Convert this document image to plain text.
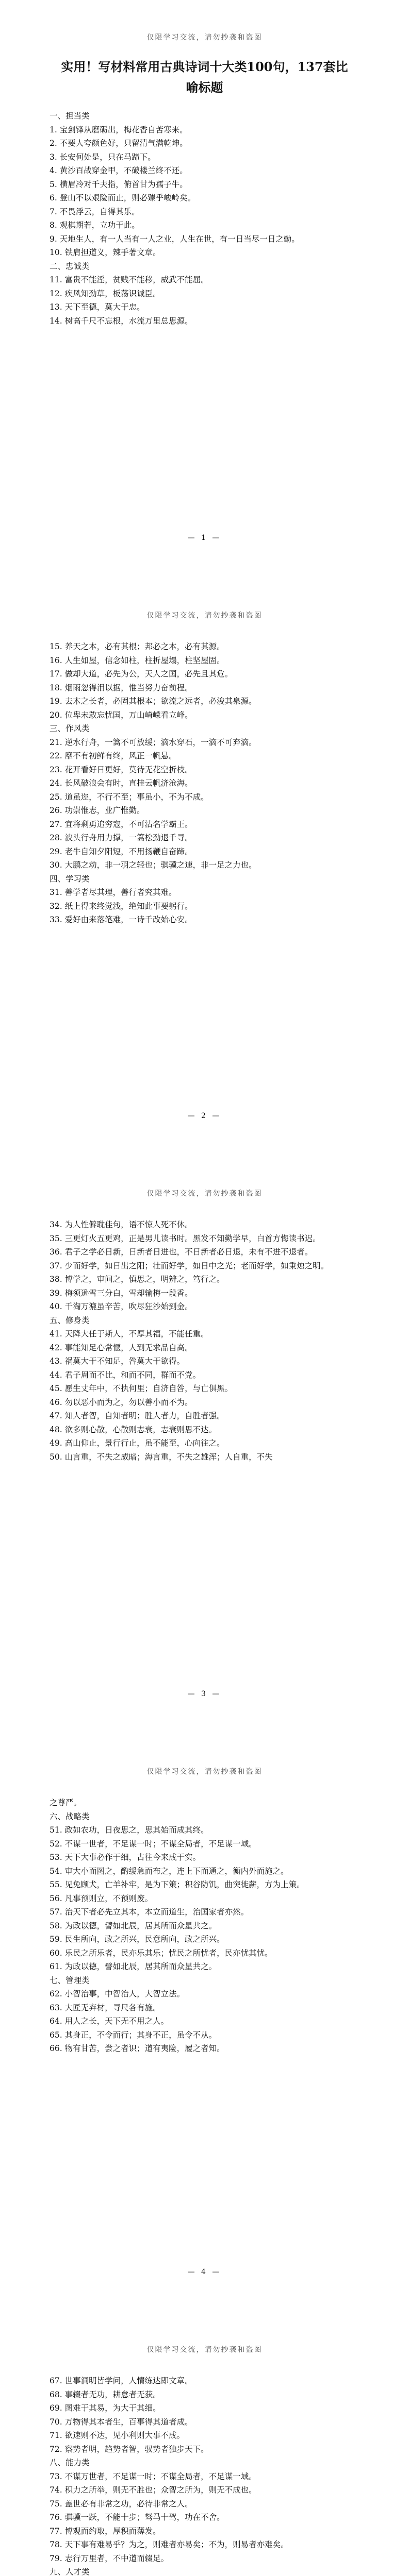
仅限学习交流，请勿抄袭和盗图
实用！写材料常用古典诗词十大类100句，137套比喻标题
一、担当类
1. 宝剑锋从磨砺出，梅花香自苦寒来。
2. 不要人夸颜色好，只留清气满乾坤。
3. 长安何处是，只在马蹄下。
4. 黄沙百战穿金甲，不破楼兰终不还。
5. 横眉冷对千夫指，俯首甘为孺子牛。
6. 登山不以艰险而止，则必臻乎峻岭矣。
7. 不畏浮云，自得其乐。
8. 观棋期若，立功于此。
9. 天地生人，有一人当有一人之业，人生在世，有一日当尽一日之勤。
10. 铁肩担道义，辣手著文章。
二、忠诚类
11. 富贵不能淫，贫贱不能移，威武不能屈。
12. 疾风知劲草，板荡识诚臣。
13. 天下至德，莫大于忠。
14. 树高千尺不忘根，水流万里总思源。
— 1 —
仅限学习交流，请勿抄袭和盗图
15. 养天之本，必有其根；邦必之本，必有其源。
16. 人生如屋，信念如柱，柱折屋塌，柱坚屋固。
17. 做却大道，必先为公，天人之国，必先且其危。
18. 烟雨忽得泪以据，惟当努力奋前程。
19. 去木之长者，必固其根本；欲流之远者，必浚其泉源。
20. 位卑未敢忘忧国，万山崎嵘看立峰。
三、作风类
21. 逆水行舟，一篙不可放缓；滴水穿石，一滴不可弃滴。
22. 靡不有初鲜有终，风正一帆悬。
23. 花开看好日更好，莫待无花空折枝。
24. 长风破浪会有时，直挂云帆济沧海。
25. 道虽迩，不行不至；事虽小，不为不成。
26. 功崇惟志，业广惟勤。
27. 宜将剩勇追穷寇，不可沽名学霸王。
28. 波头行舟用力撑，一篙松劲退千寻。
29. 老牛自知夕阳短，不用扬鞭自奋蹄。
30. 大鹏之动，非一羽之轻也；骐骥之速，非一足之力也。
四、学习类
31. 善学者尽其理，善行者究其难。
32. 纸上得来终觉浅，绝知此事要躬行。
33. 爱好由来落笔难，一诗千改始心安。
— 2 —
仅限学习交流，请勿抄袭和盗图
34. 为人性僻耽佳句，语不惊人死不休。
35. 三更灯火五更鸡，正是男儿读书时。黑发不知勤学早，白首方悔读书迟。
36. 君子之学必日新，日新者日进也，不日新者必日退，未有不进不退者。
37. 少而好学，如日出之阳；壮而好学，如日中之光；老而好学，如秉烛之明。
38. 博学之，审问之，慎思之，明辨之，笃行之。
39. 梅须逊雪三分白，雪却输梅一段香。
40. 千淘万漉虽辛苦，吹尽狂沙始到金。
五、修身类
41. 天降大任于斯人，不厚其福，不能任重。
42. 事能知足心常惬，人到无求品自高。
43. 祸莫大于不知足，咎莫大于欲得。
44. 君子周而不比，和而不同，群而不党。
45. 愿生丈年中，不执何里；自济自咎，与亡俱黑。
46. 勿以恶小而为之，勿以善小而不为。
47. 知人者智，自知者明；胜人者力，自胜者强。
48. 欲多则心散，心散则志衰，志衰则思不达。
49. 高山仰止，景行行止，虽不能至，心向往之。
50. 山言重，不失之威暗；海言重，不失之雄浑；人自重，不失
— 3 —
仅限学习交流，请勿抄袭和盗图
之尊严。
六、战略类
51. 政如农功，日夜思之，思其始而成其终。
52. 不谋一世者，不足谋一时；不谋全局者，不足谋一域。
53. 天下大事必作于细，古往今来成于实。
54. 审大小而图之，酌缓急而布之，连上下而通之，衡内外而施之。
55. 见兔顾犬，亡羊补牢，是为下策；积谷防饥，曲突徙薪，方为上策。
56. 凡事预则立，不预则废。
57. 治天下者必先立其本，本立而道生，治国家者亦然。
58. 为政以德，譬如北辰，居其所而众星共之。
59. 民生所向，政之所兴，民意所向，政之所兴。
60. 乐民之所乐者，民亦乐其乐；忧民之所忧者，民亦忧其忧。
61. 为政以德，譬如北辰，居其所而众星共之。
七、管理类
62. 小智治事，中智治人，大智立法。
63. 大匠无弃材，寻尺各有施。
64. 用人之长，天下无不用之人。
65. 其身正，不令而行；其身不正，虽令不从。
66. 物有甘苦，尝之者识；道有夷险，履之者知。
— 4 —
仅限学习交流，请勿抄袭和盗图
67. 世事洞明皆学问，人情练达即文章。
68. 事辍者无功，耕怠者无获。
69. 图难于其易，为大于其细。
70. 万物得其本者生，百事得其道者成。
71. 欲速则不达，见小利则大事不成。
72. 察势者明，趋势者智，驭势者独步天下。
八、能力类
73. 不谋万世者，不足谋一时；不谋全局者，不足谋一域。
74. 积力之所举，则无不胜也；众智之所为，则无不成也。
75. 盖世必有非常之功，必待非常之人。
76. 骐骥一跃，不能十步；驽马十驾，功在不舍。
77. 博观而约取，厚积而薄发。
78. 天下事有难易乎？为之，则难者亦易矣；不为，则易者亦难矣。
79. 志行万里者，不中道而辍足。
九、人才类
